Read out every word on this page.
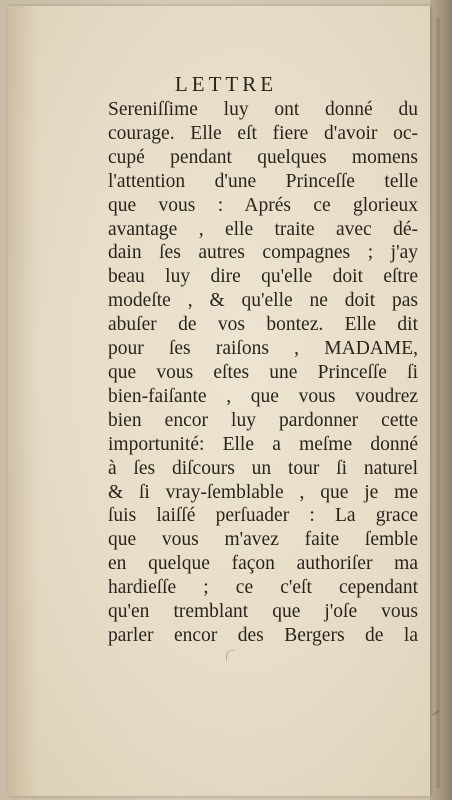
LETTRE
Sereniſſime luy ont donné du
courage. Elle eſt fiere d'avoir oc-
cupé pendant quelques momens
l'attention d'une Princeſſe telle
que vous : Aprés ce glorieux
avantage , elle traite avec dé-
dain ſes autres compagnes ; j'ay
beau luy dire qu'elle doit eſtre
modeſte , & qu'elle ne doit pas
abuſer de vos bontez. Elle dit
pour ſes raiſons , MADAME,
que vous eſtes une Princeſſe ſi
bien-faiſante , que vous voudrez
bien encor luy pardonner cette
importunité: Elle a meſme donné
à ſes diſcours un tour ſi naturel
& ſi vray-ſemblable , que je me
ſuis laiſſé perſuader : La grace
que vous m'avez faite ſemble
en quelque façon authoriſer ma
hardieſſe ; ce c'eſt cependant
qu'en tremblant que j'oſe vous
parler encor des Bergers de la
